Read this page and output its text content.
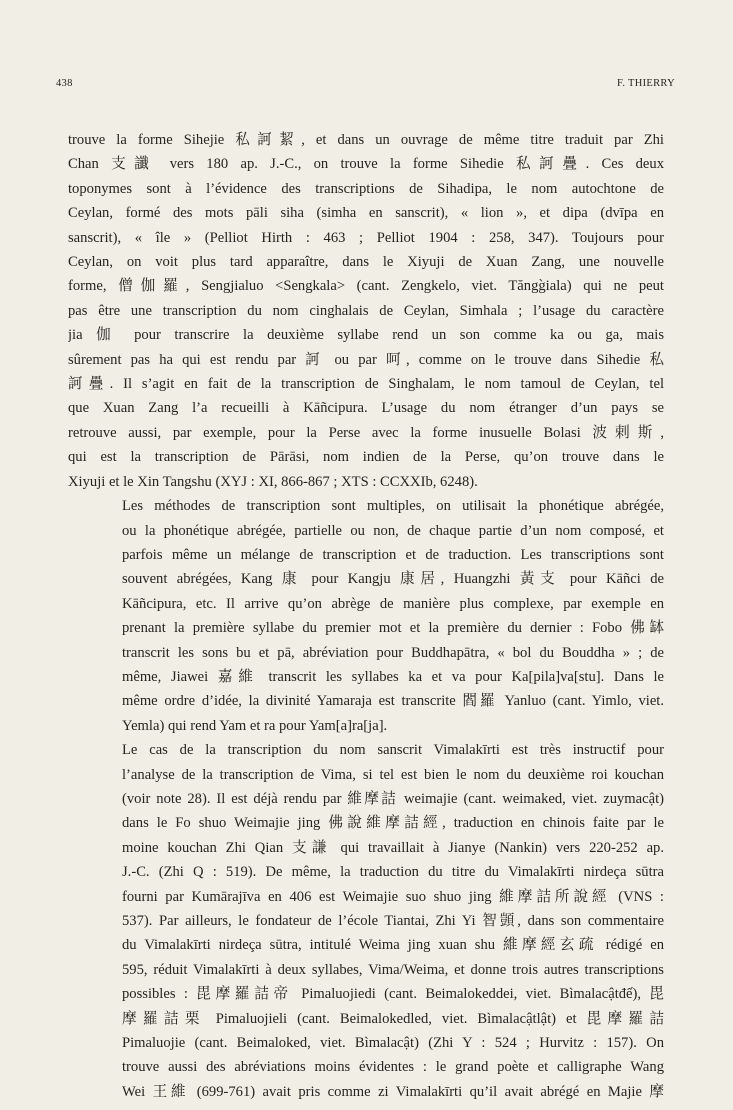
438	F. THIERRY

trouve la forme Sihejie 私訶絜, et dans un ouvrage de même titre traduit par Zhi
Chan 支讖 vers 180 ap. J.-C., on trouve la forme Sihedie 私訶疊. Ces deux
toponymes sont à l’évidence des transcriptions de Sihadipa, le nom autochtone de
Ceylan, formé des mots pāli siha (simha en sanscrit), « lion », et dipa (dvīpa en
sanscrit), « île » (Pelliot Hirth : 463 ; Pelliot 1904 : 258, 347). Toujours pour
Ceylan, on voit plus tard apparaître, dans le Xiyuji de Xuan Zang, une nouvelle
forme, 僧伽羅, Sengjialuo <Sengkala> (cant. Zengkelo, viet. Tăngg̀iala) qui ne peut
pas être une transcription du nom cinghalais de Ceylan, Simhala ; l’usage du caractère
jia 伽 pour transcrire la deuxième syllabe rend un son comme ka ou ga, mais
sûrement pas ha qui est rendu par 訶 ou par 呵, comme on le trouve dans Sihedie 私
訶疊. Il s’agit en fait de la transcription de Singhalam, le nom tamoul de Ceylan, tel
que Xuan Zang l’a recueilli à Kāñcipura. L’usage du nom étranger d’un pays se
retrouve aussi, par exemple, pour la Perse avec la forme inusuelle Bolasi 波剌斯,
qui est la transcription de Pārāsi, nom indien de la Perse, qu’on trouve dans le
Xiyuji et le Xin Tangshu (XYJ : XI, 866-867 ; XTS : CCXXIb, 6248).

Les méthodes de transcription sont multiples, on utilisait la phonétique abrégée,
ou la phonétique abrégée, partielle ou non, de chaque partie d’un nom composé, et
parfois même un mélange de transcription et de traduction. Les transcriptions sont
souvent abrégées, Kang 康 pour Kangju 康居, Huangzhi 黃支 pour Kāñci de
Kāñcipura, etc. Il arrive qu’on abrège de manière plus complexe, par exemple en
prenant la première syllabe du premier mot et la première du dernier : Fobo 佛缽
transcrit les sons bu et pā, abréviation pour Buddhapātra, « bol du Bouddha » ; de
même, Jiawei 嘉維 transcrit les syllabes ka et va pour Ka[pila]va[stu]. Dans le
même ordre d’idée, la divinité Yamaraja est transcrite 閻羅 Yanluo (cant. Yimlo, viet.
Yemla) qui rend Yam et ra pour Yam[a]ra[ja].

Le cas de la transcription du nom sanscrit Vimalakīrti est très instructif pour
l’analyse de la transcription de Vima, si tel est bien le nom du deuxième roi kouchan
(voir note 28). Il est déjà rendu par 維摩詰 weimajie (cant. weimaked, viet. zuymacật)
dans le Fo shuo Weimajie jing 佛說維摩詰經, traduction en chinois faite par le
moine kouchan Zhi Qian 支謙 qui travaillait à Jianye (Nankin) vers 220-252 ap.
J.-C. (Zhi Q : 519). De même, la traduction du titre du Vimalakīrti nirdeça sūtra
fourni par Kumārajīva en 406 est Weimajie suo shuo jing 維摩詰所說經 (VNS :
537). Par ailleurs, le fondateur de l’école Tiantai, Zhi Yi 智顗, dans son commentaire
du Vimalakīrti nirdeça sūtra, intitulé Weima jing xuan shu 維摩經玄疏 rédigé en
595, réduit Vimalakīrti à deux syllabes, Vima/Weima, et donne trois autres transcriptions
possibles : 毘摩羅詰帝 Pimaluojiedi (cant. Beimalokeddei, viet. Bìmalacậtđế), 毘
摩羅詰栗 Pimaluojieli (cant. Beimalokedled, viet. Bìmalacậtlật) et 毘摩羅詰
Pimaluojie (cant. Beimaloked, viet. Bìmalacật) (Zhi Y : 524 ; Hurvitz : 157). On
trouve aussi des abréviations moins évidentes : le grand poète et calligraphe Wang
Wei 王維 (699-761) avait pris comme zi Vimalakīrti qu’il avait abrégé en Majie 摩
